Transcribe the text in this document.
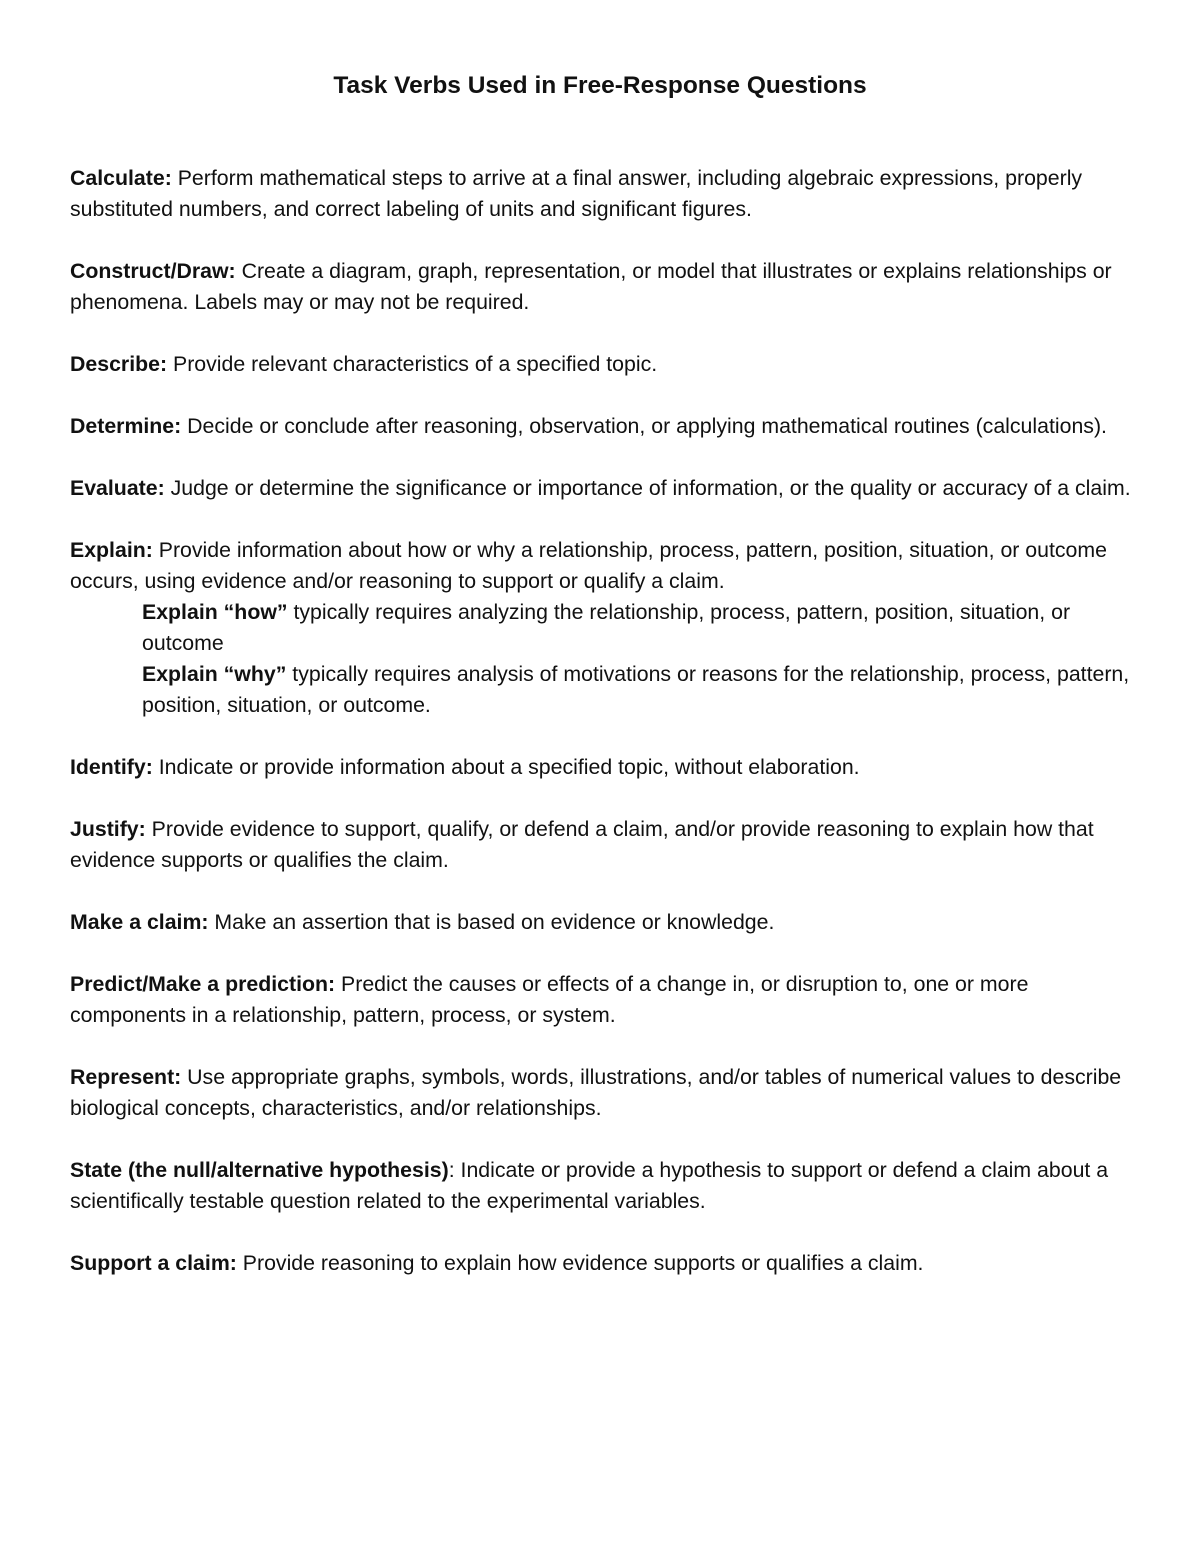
Task Verbs Used in Free-Response Questions

Calculate: Perform mathematical steps to arrive at a final answer, including algebraic expressions, properly substituted numbers, and correct labeling of units and significant figures.

Construct/Draw: Create a diagram, graph, representation, or model that illustrates or explains relationships or phenomena. Labels may or may not be required.

Describe: Provide relevant characteristics of a specified topic.

Determine: Decide or conclude after reasoning, observation, or applying mathematical routines (calculations).

Evaluate: Judge or determine the significance or importance of information, or the quality or accuracy of a claim.

Explain: Provide information about how or why a relationship, process, pattern, position, situation, or outcome occurs, using evidence and/or reasoning to support or qualify a claim.
Explain “how” typically requires analyzing the relationship, process, pattern, position, situation, or outcome
Explain “why” typically requires analysis of motivations or reasons for the relationship, process, pattern, position, situation, or outcome.

Identify: Indicate or provide information about a specified topic, without elaboration.

Justify: Provide evidence to support, qualify, or defend a claim, and/or provide reasoning to explain how that evidence supports or qualifies the claim.

Make a claim: Make an assertion that is based on evidence or knowledge.

Predict/Make a prediction: Predict the causes or effects of a change in, or disruption to, one or more components in a relationship, pattern, process, or system.

Represent: Use appropriate graphs, symbols, words, illustrations, and/or tables of numerical values to describe biological concepts, characteristics, and/or relationships.

State (the null/alternative hypothesis): Indicate or provide a hypothesis to support or defend a claim about a scientifically testable question related to the experimental variables.

Support a claim: Provide reasoning to explain how evidence supports or qualifies a claim.
